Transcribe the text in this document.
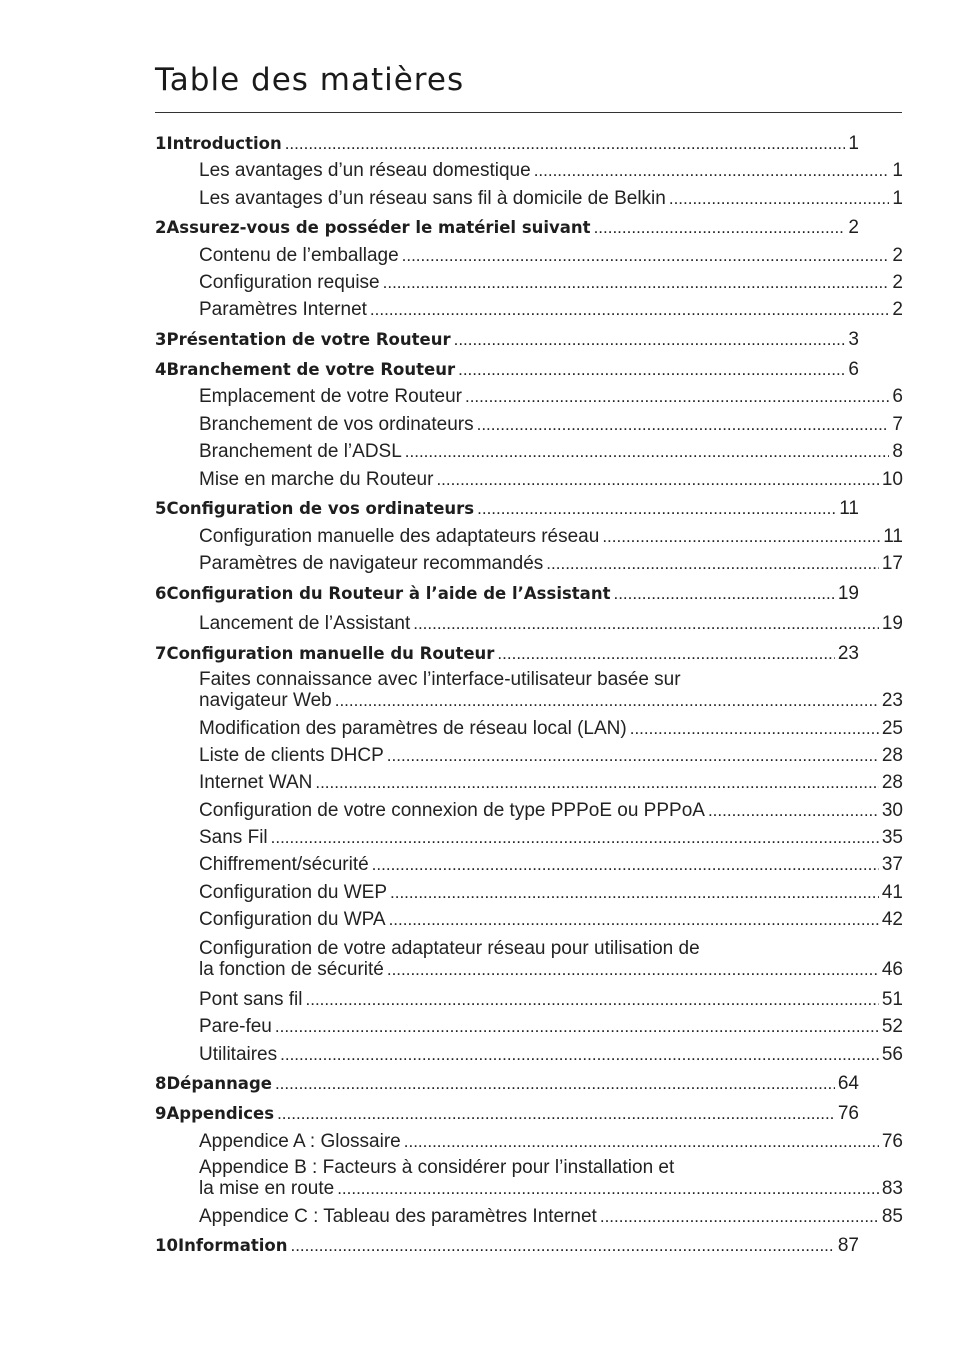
Table des matières
1 Introduction .....	1
Les avantages d’un réseau domestique .....	1
Les avantages d’un réseau sans fil à domicile de Belkin .....	1
2 Assurez-vous de posséder le matériel suivant .....	2
Contenu de l’emballage .....	2
Configuration requise .....	2
Paramètres Internet .....	2
3 Présentation de votre Routeur .....	3
4 Branchement de votre Routeur .....	6
Emplacement de votre Routeur .....	6
Branchement de vos ordinateurs .....	7
Branchement de l’ADSL .....	8
Mise en marche du Routeur .....	10
5 Configuration de vos ordinateurs .....	11
Configuration manuelle des adaptateurs réseau .....	11
Paramètres de navigateur recommandés .....	17
6 Configuration du Routeur à l’aide de l’Assistant .....	19
Lancement de l’Assistant .....	19
7 Configuration manuelle du Routeur .....	23
Faites connaissance avec l’interface-utilisateur basée sur
navigateur Web .....	23
Modification des paramètres de réseau local (LAN) .....	25
Liste de clients DHCP .....	28
Internet WAN .....	28
Configuration de votre connexion de type PPPoE ou PPPoA .....	30
Sans Fil .....	35
Chiffrement/sécurité .....	37
Configuration du WEP .....	41
Configuration du WPA .....	42
Configuration de votre adaptateur réseau pour utilisation de
la fonction de sécurité .....	46
Pont sans fil .....	51
Pare-feu .....	52
Utilitaires .....	56
8 Dépannage .....	64
9 Appendices .....	76
Appendice A : Glossaire .....	76
Appendice B : Facteurs à considérer pour l’installation et
la mise en route .....	83
Appendice C : Tableau des paramètres Internet .....	85
10 Information .....	87
